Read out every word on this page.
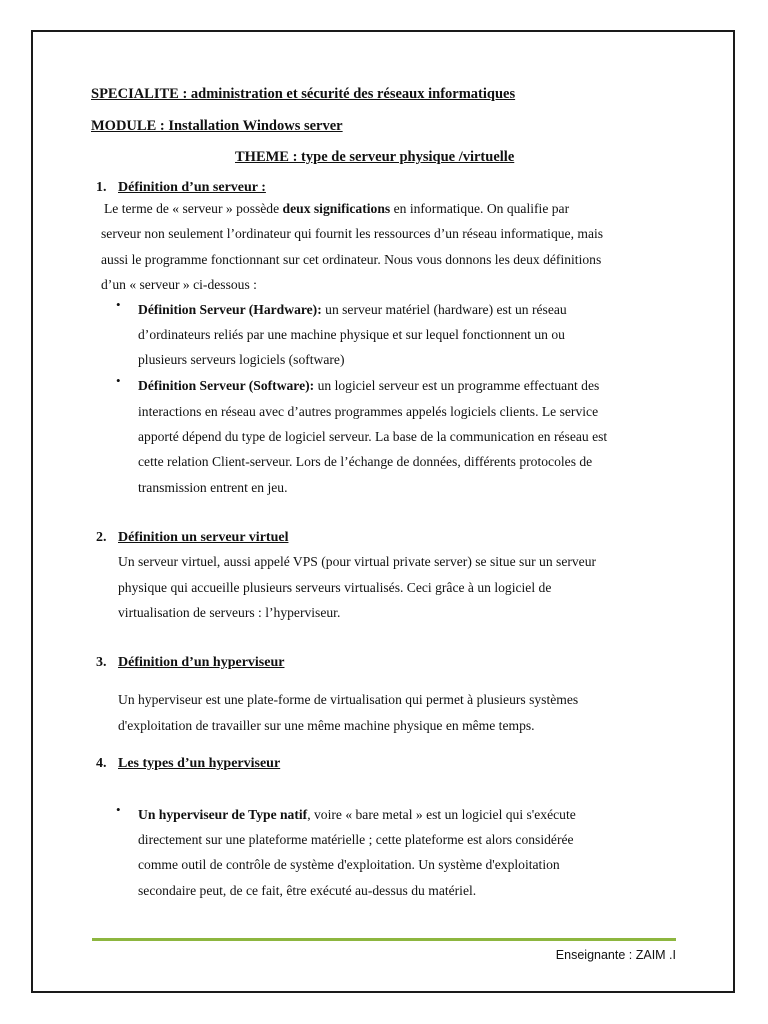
SPECIALITE : administration et sécurité des réseaux informatiques
MODULE : Installation Windows server
THEME : type de serveur physique /virtuelle
1. Définition d’un serveur :
Le terme de « serveur » possède deux significations en informatique. On qualifie par
serveur non seulement l’ordinateur qui fournit les ressources d’un réseau informatique, mais
aussi le programme fonctionnant sur cet ordinateur. Nous vous donnons les deux définitions
d’un « serveur » ci-dessous :
• Définition Serveur (Hardware): un serveur matériel (hardware) est un réseau
d’ordinateurs reliés par une machine physique et sur lequel fonctionnent un ou
plusieurs serveurs logiciels (software)
• Définition Serveur (Software): un logiciel serveur est un programme effectuant des
interactions en réseau avec d’autres programmes appelés logiciels clients. Le service
apporté dépend du type de logiciel serveur. La base de la communication en réseau est
cette relation Client-serveur. Lors de l’échange de données, différents protocoles de
transmission entrent en jeu.
2. Définition un serveur virtuel
Un serveur virtuel, aussi appelé VPS (pour virtual private server) se situe sur un serveur
physique qui accueille plusieurs serveurs virtualisés. Ceci grâce à un logiciel de
virtualisation de serveurs : l’hyperviseur.
3. Définition d’un hyperviseur
Un hyperviseur est une plate-forme de virtualisation qui permet à plusieurs systèmes
d'exploitation de travailler sur une même machine physique en même temps.
4. Les types d’un hyperviseur
• Un hyperviseur de Type natif, voire « bare metal » est un logiciel qui s'exécute
directement sur une plateforme matérielle ; cette plateforme est alors considérée
comme outil de contrôle de système d'exploitation. Un système d'exploitation
secondaire peut, de ce fait, être exécuté au-dessus du matériel.
Enseignante : ZAIM .I
